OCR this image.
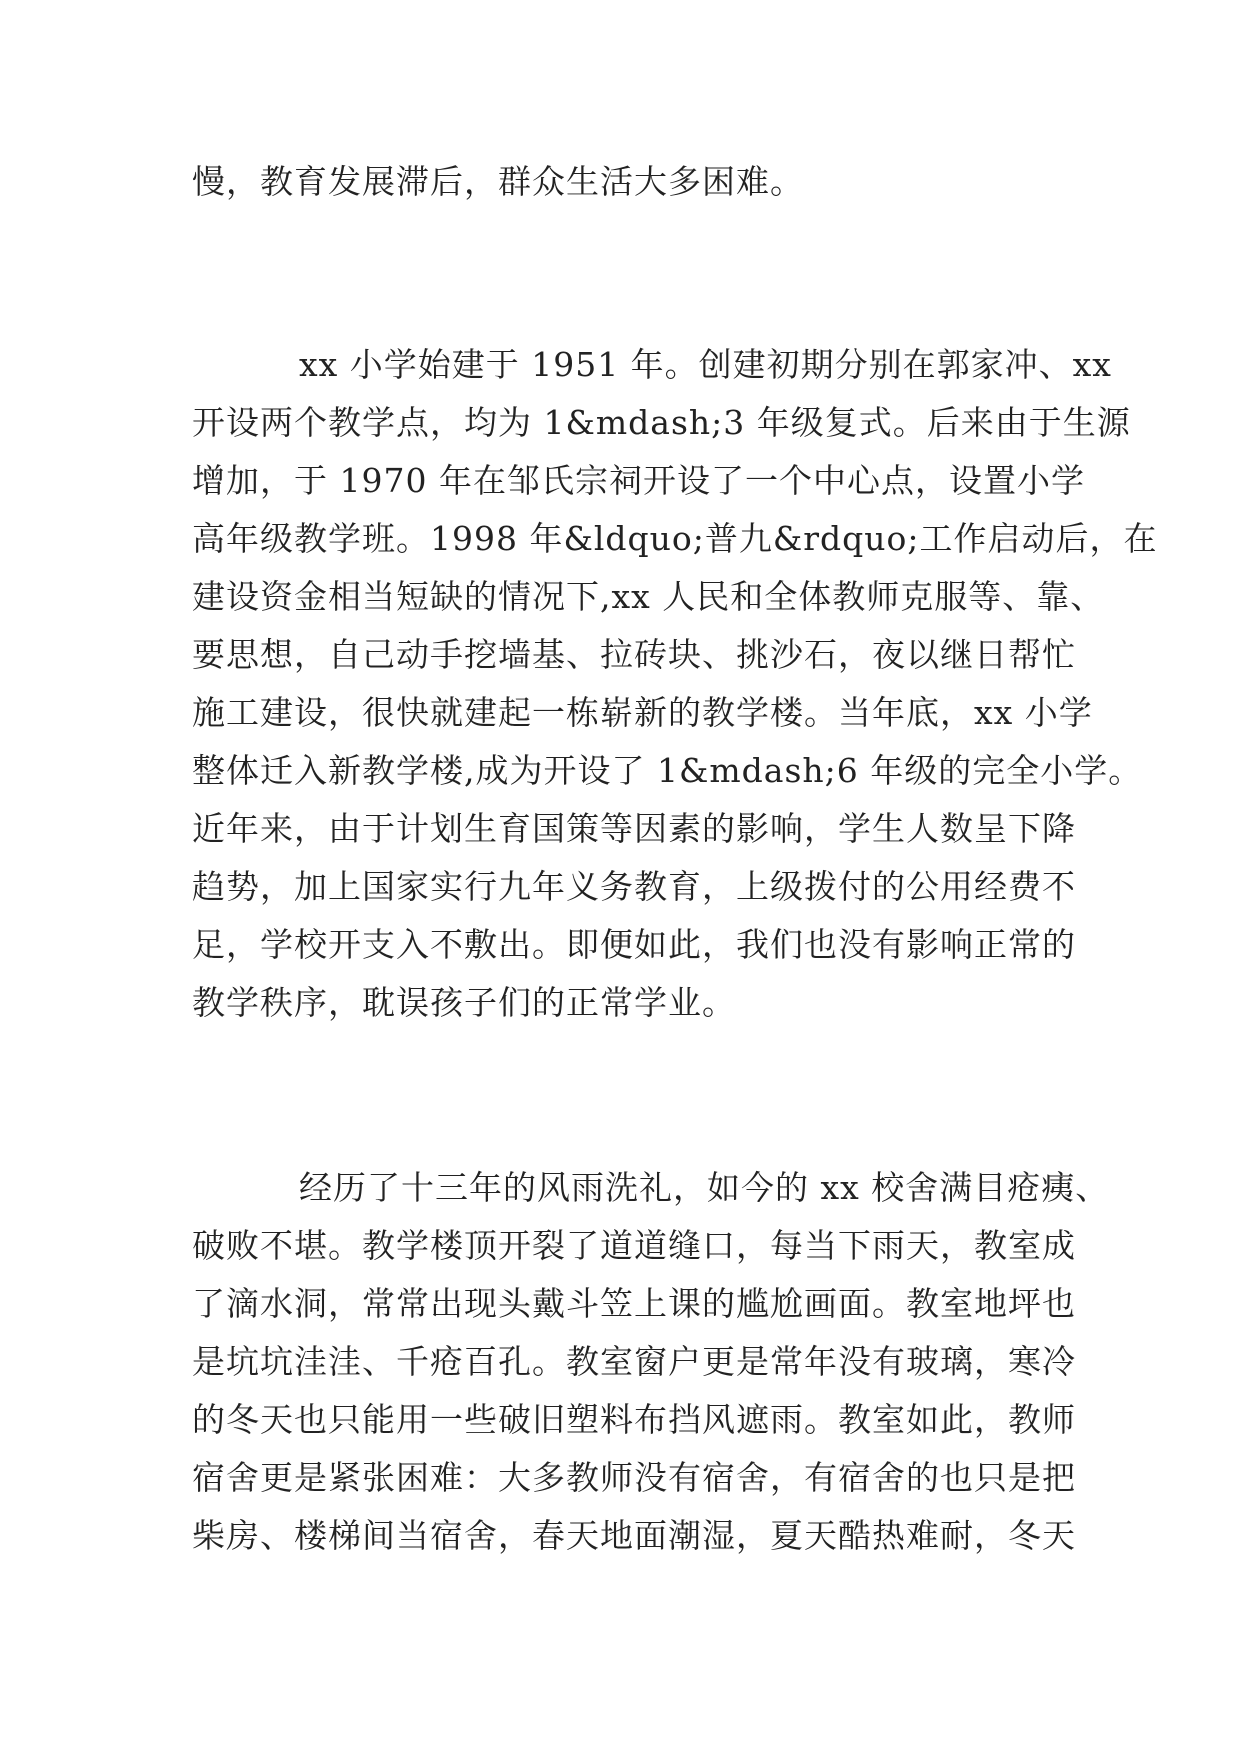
慢，教育发展滞后，群众生活大多困难。
xx 小学始建于 1951 年。创建初期分别在郭家冲、xx
开设两个教学点，均为 1&mdash;3 年级复式。后来由于生源
增加，于 1970 年在邹氏宗祠开设了一个中心点，设置小学
高年级教学班。1998 年&ldquo;普九&rdquo;工作启动后，在
建设资金相当短缺的情况下,xx 人民和全体教师克服等、靠、
要思想，自己动手挖墙基、拉砖块、挑沙石，夜以继日帮忙
施工建设，很快就建起一栋崭新的教学楼。当年底，xx 小学
整体迁入新教学楼,成为开设了 1&mdash;6 年级的完全小学。
近年来，由于计划生育国策等因素的影响，学生人数呈下降
趋势，加上国家实行九年义务教育，上级拨付的公用经费不
足，学校开支入不敷出。即便如此，我们也没有影响正常的
教学秩序，耽误孩子们的正常学业。
经历了十三年的风雨洗礼，如今的 xx 校舍满目疮痍、
破败不堪。教学楼顶开裂了道道缝口，每当下雨天，教室成
了滴水洞，常常出现头戴斗笠上课的尴尬画面。教室地坪也
是坑坑洼洼、千疮百孔。教室窗户更是常年没有玻璃，寒冷
的冬天也只能用一些破旧塑料布挡风遮雨。教室如此，教师
宿舍更是紧张困难：大多教师没有宿舍，有宿舍的也只是把
柴房、楼梯间当宿舍，春天地面潮湿，夏天酷热难耐，冬天
